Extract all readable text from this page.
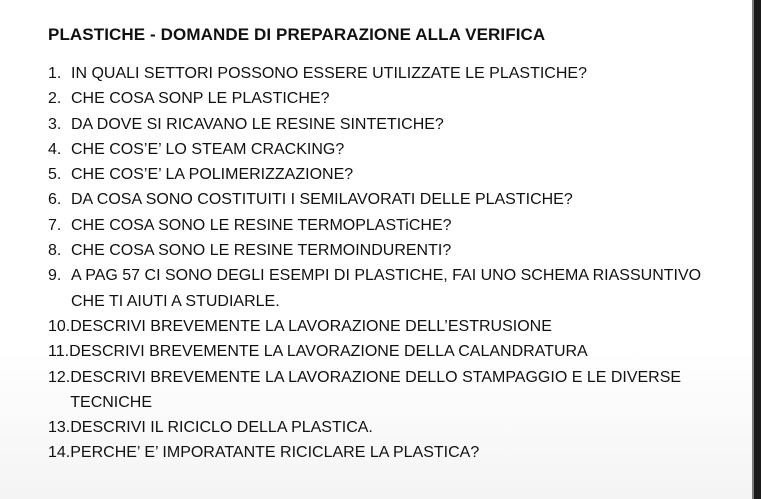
PLASTICHE - DOMANDE DI PREPARAZIONE ALLA VERIFICA
1. IN QUALI SETTORI POSSONO ESSERE UTILIZZATE LE PLASTICHE?
2. CHE COSA SONP LE PLASTICHE?
3. DA DOVE SI RICAVANO LE RESINE SINTETICHE?
4. CHE COS’E’ LO STEAM CRACKING?
5. CHE COS’E’ LA POLIMERIZZAZIONE?
6. DA COSA SONO COSTITUITI I SEMILAVORATI DELLE PLASTICHE?
7. CHE COSA SONO LE RESINE TERMOPLASTiCHE?
8. CHE COSA SONO LE RESINE TERMOINDURENTI?
9. A PAG 57 CI SONO DEGLI ESEMPI DI PLASTICHE, FAI UNO SCHEMA RIASSUNTIVO CHE TI AIUTI A STUDIARLE.
10. DESCRIVI BREVEMENTE LA LAVORAZIONE DELL’ESTRUSIONE
11. DESCRIVI BREVEMENTE LA LAVORAZIONE DELLA CALANDRATURA
12. DESCRIVI BREVEMENTE LA LAVORAZIONE DELLO STAMPAGGIO E LE DIVERSE TECNICHE
13. DESCRIVI IL RICICLO DELLA PLASTICA.
14. PERCHE’ E’ IMPORATANTE RICICLARE LA PLASTICA?
